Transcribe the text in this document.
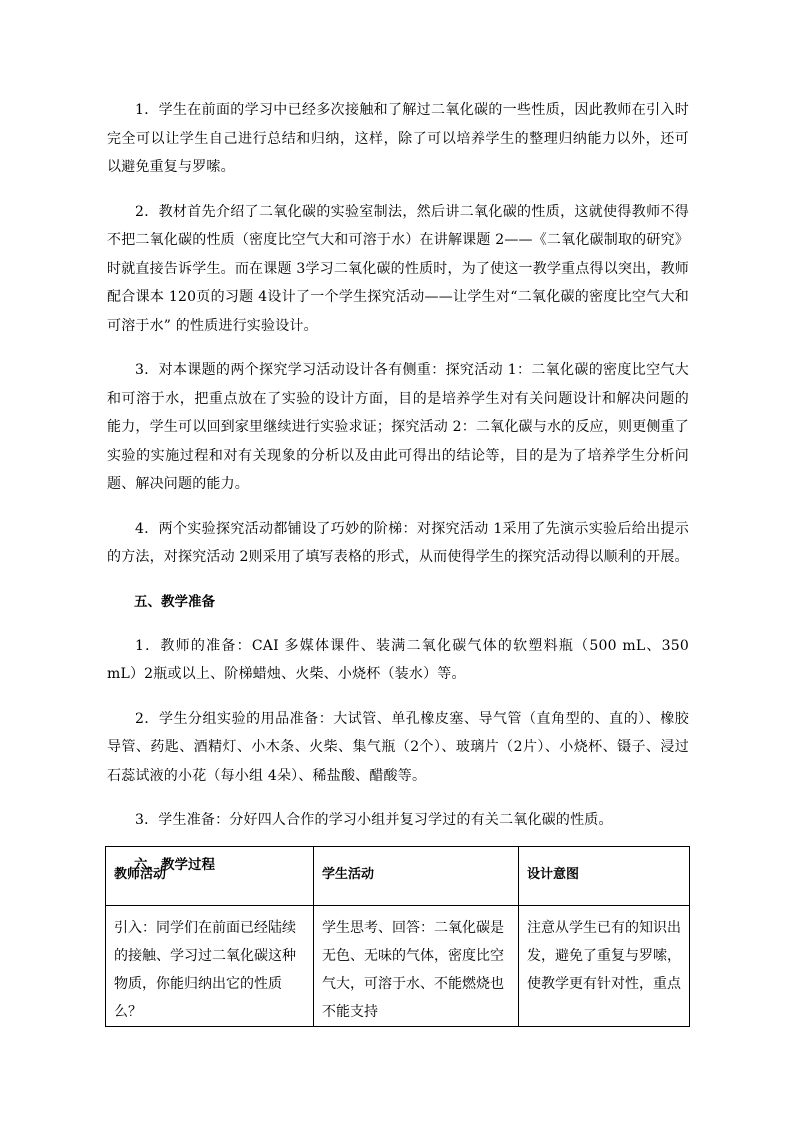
1．学生在前面的学习中已经多次接触和了解过二氧化碳的一些性质，因此教师在引入时完全可以让学生自己进行总结和归纳，这样，除了可以培养学生的整理归纳能力以外，还可以避免重复与罗嗦。

2．教材首先介绍了二氧化碳的实验室制法，然后讲二氧化碳的性质，这就使得教师不得不把二氧化碳的性质（密度比空气大和可溶于水）在讲解课题 2——《二氧化碳制取的研究》时就直接告诉学生。而在课题 3学习二氧化碳的性质时，为了使这一教学重点得以突出，教师配合课本 120页的习题 4设计了一个学生探究活动——让学生对“二氧化碳的密度比空气大和可溶于水” 的性质进行实验设计。

3．对本课题的两个探究学习活动设计各有侧重：探究活动 1：二氧化碳的密度比空气大和可溶于水，把重点放在了实验的设计方面，目的是培养学生对有关问题设计和解决问题的能力，学生可以回到家里继续进行实验求证；探究活动 2：二氧化碳与水的反应，则更侧重了实验的实施过程和对有关现象的分析以及由此可得出的结论等，目的是为了培养学生分析问题、解决问题的能力。

4．两个实验探究活动都铺设了巧妙的阶梯：对探究活动 1采用了先演示实验后给出提示的方法，对探究活动 2则采用了填写表格的形式，从而使得学生的探究活动得以顺利的开展。

五、教学准备

1．教师的准备：CAI 多媒体课件、装满二氧化碳气体的软塑料瓶（500 mL、350 mL）2瓶或以上、阶梯蜡烛、火柴、小烧杯（装水）等。

2．学生分组实验的用品准备：大试管、单孔橡皮塞、导气管（直角型的、直的）、橡胶导管、药匙、酒精灯、小木条、火柴、集气瓶（2个）、玻璃片（2片）、小烧杯、镊子、浸过石蕊试液的小花（每小组 4朵）、稀盐酸、醋酸等。

3．学生准备：分好四人合作的学习小组并复习学过的有关二氧化碳的性质。

六、教学过程

教师活动	学生活动	设计意图
引入：同学们在前面已经陆续的接触、学习过二氧化碳这种物质，你能归纳出它的性质么？	学生思考、回答：二氧化碳是无色、无味的气体，密度比空气大，可溶于水、不能燃烧也不能支持	注意从学生已有的知识出发，避免了重复与罗嗦，使教学更有针对性，重点
